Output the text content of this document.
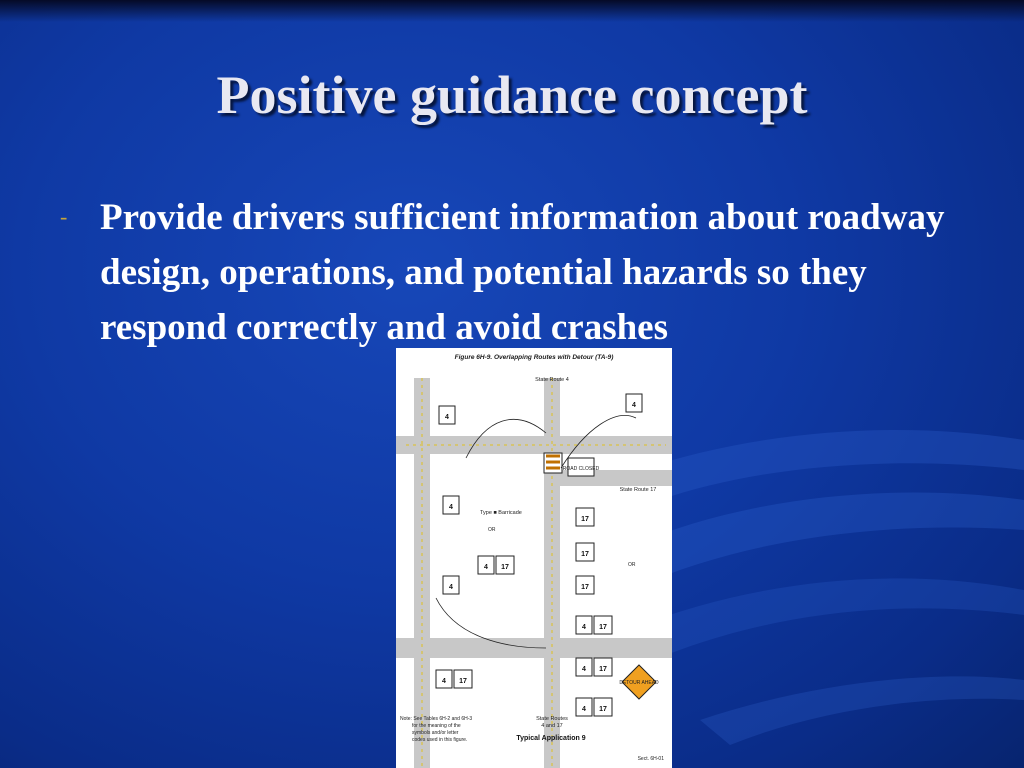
Positive guidance concept
- Provide drivers sufficient information about roadway design, operations, and potential hazards so they respond correctly and avoid crashes
Figure 6H-9. Overlapping Routes with Detour (TA-9)
Type ■ Barricade
ROAD CLOSED
State Route 4
State Route 17
State Routes
4 and 17
4
4
4
17
17
17
4
4 17
4 17
4 17
4 17
4 17	DETOUR AHEAD
OR
OR
Note: See Tables 6H-2 and 6H-3
for the meaning of the
symbols and/or letter
codes used in this figure.	Typical Application 9
Sect. 6H-01
